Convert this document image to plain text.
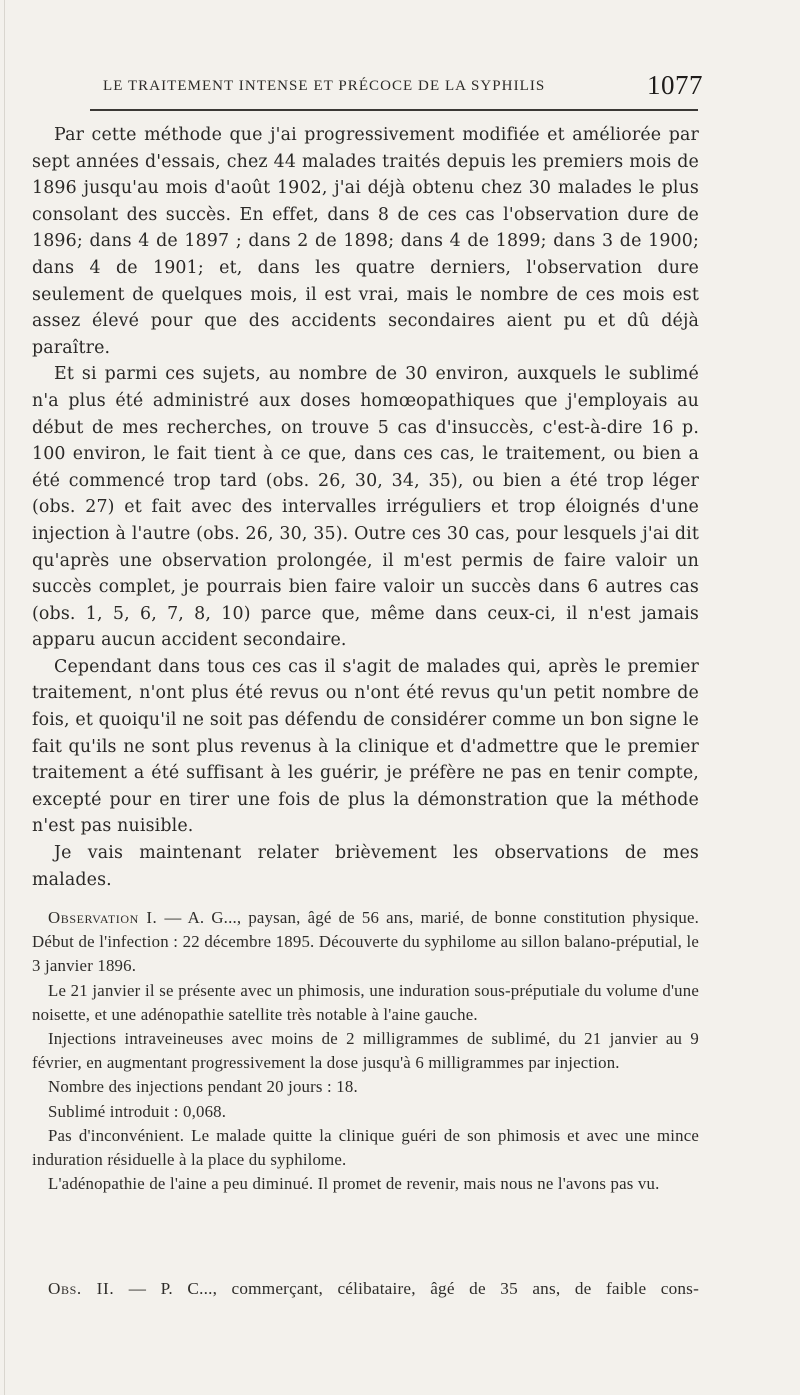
LE TRAITEMENT INTENSE ET PRÉCOCE DE LA SYPHILIS	1077

Par cette méthode que j'ai progressivement modifiée et améliorée par sept années d'essais, chez 44 malades traités depuis les premiers mois de 1896 jusqu'au mois d'août 1902, j'ai déjà obtenu chez 30 malades le plus consolant des succès. En effet, dans 8 de ces cas l'observation dure de 1896; dans 4 de 1897 ; dans 2 de 1898; dans 4 de 1899; dans 3 de 1900; dans 4 de 1901; et, dans les quatre derniers, l'observation dure seulement de quelques mois, il est vrai, mais le nombre de ces mois est assez élevé pour que des accidents secondaires aient pu et dû déjà paraître.

Et si parmi ces sujets, au nombre de 30 environ, auxquels le sublimé n'a plus été administré aux doses homœopathiques que j'employais au début de mes recherches, on trouve 5 cas d'insuccès, c'est-à-dire 16 p. 100 environ, le fait tient à ce que, dans ces cas, le traitement, ou bien a été commencé trop tard (obs. 26, 30, 34, 35), ou bien a été trop léger (obs. 27) et fait avec des intervalles irréguliers et trop éloignés d'une injection à l'autre (obs. 26, 30, 35). Outre ces 30 cas, pour lesquels j'ai dit qu'après une observation prolongée, il m'est permis de faire valoir un succès complet, je pourrais bien faire valoir un succès dans 6 autres cas (obs. 1, 5, 6, 7, 8, 10) parce que, même dans ceux-ci, il n'est jamais apparu aucun accident secondaire.

Cependant dans tous ces cas il s'agit de malades qui, après le premier traitement, n'ont plus été revus ou n'ont été revus qu'un petit nombre de fois, et quoiqu'il ne soit pas défendu de considérer comme un bon signe le fait qu'ils ne sont plus revenus à la clinique et d'admettre que le premier traitement a été suffisant à les guérir, je préfère ne pas en tenir compte, excepté pour en tirer une fois de plus la démonstration que la méthode n'est pas nuisible.

Je vais maintenant relater brièvement les observations de mes malades.

Observation I. — A. G..., paysan, âgé de 56 ans, marié, de bonne constitution physique. Début de l'infection : 22 décembre 1895. Découverte du syphilome au sillon balano-préputial, le 3 janvier 1896.

Le 21 janvier il se présente avec un phimosis, une induration sous-préputiale du volume d'une noisette, et une adénopathie satellite très notable à l'aine gauche.

Injections intraveineuses avec moins de 2 milligrammes de sublimé, du 21 janvier au 9 février, en augmentant progressivement la dose jusqu'à 6 milligrammes par injection.

Nombre des injections pendant 20 jours : 18.

Sublimé introduit : 0,068.

Pas d'inconvénient. Le malade quitte la clinique guéri de son phimosis et avec une mince induration résiduelle à la place du syphilome.

L'adénopathie de l'aine a peu diminué. Il promet de revenir, mais nous ne l'avons pas vu.

Obs. II. — P. C..., commerçant, célibataire, âgé de 35 ans, de faible cons-
